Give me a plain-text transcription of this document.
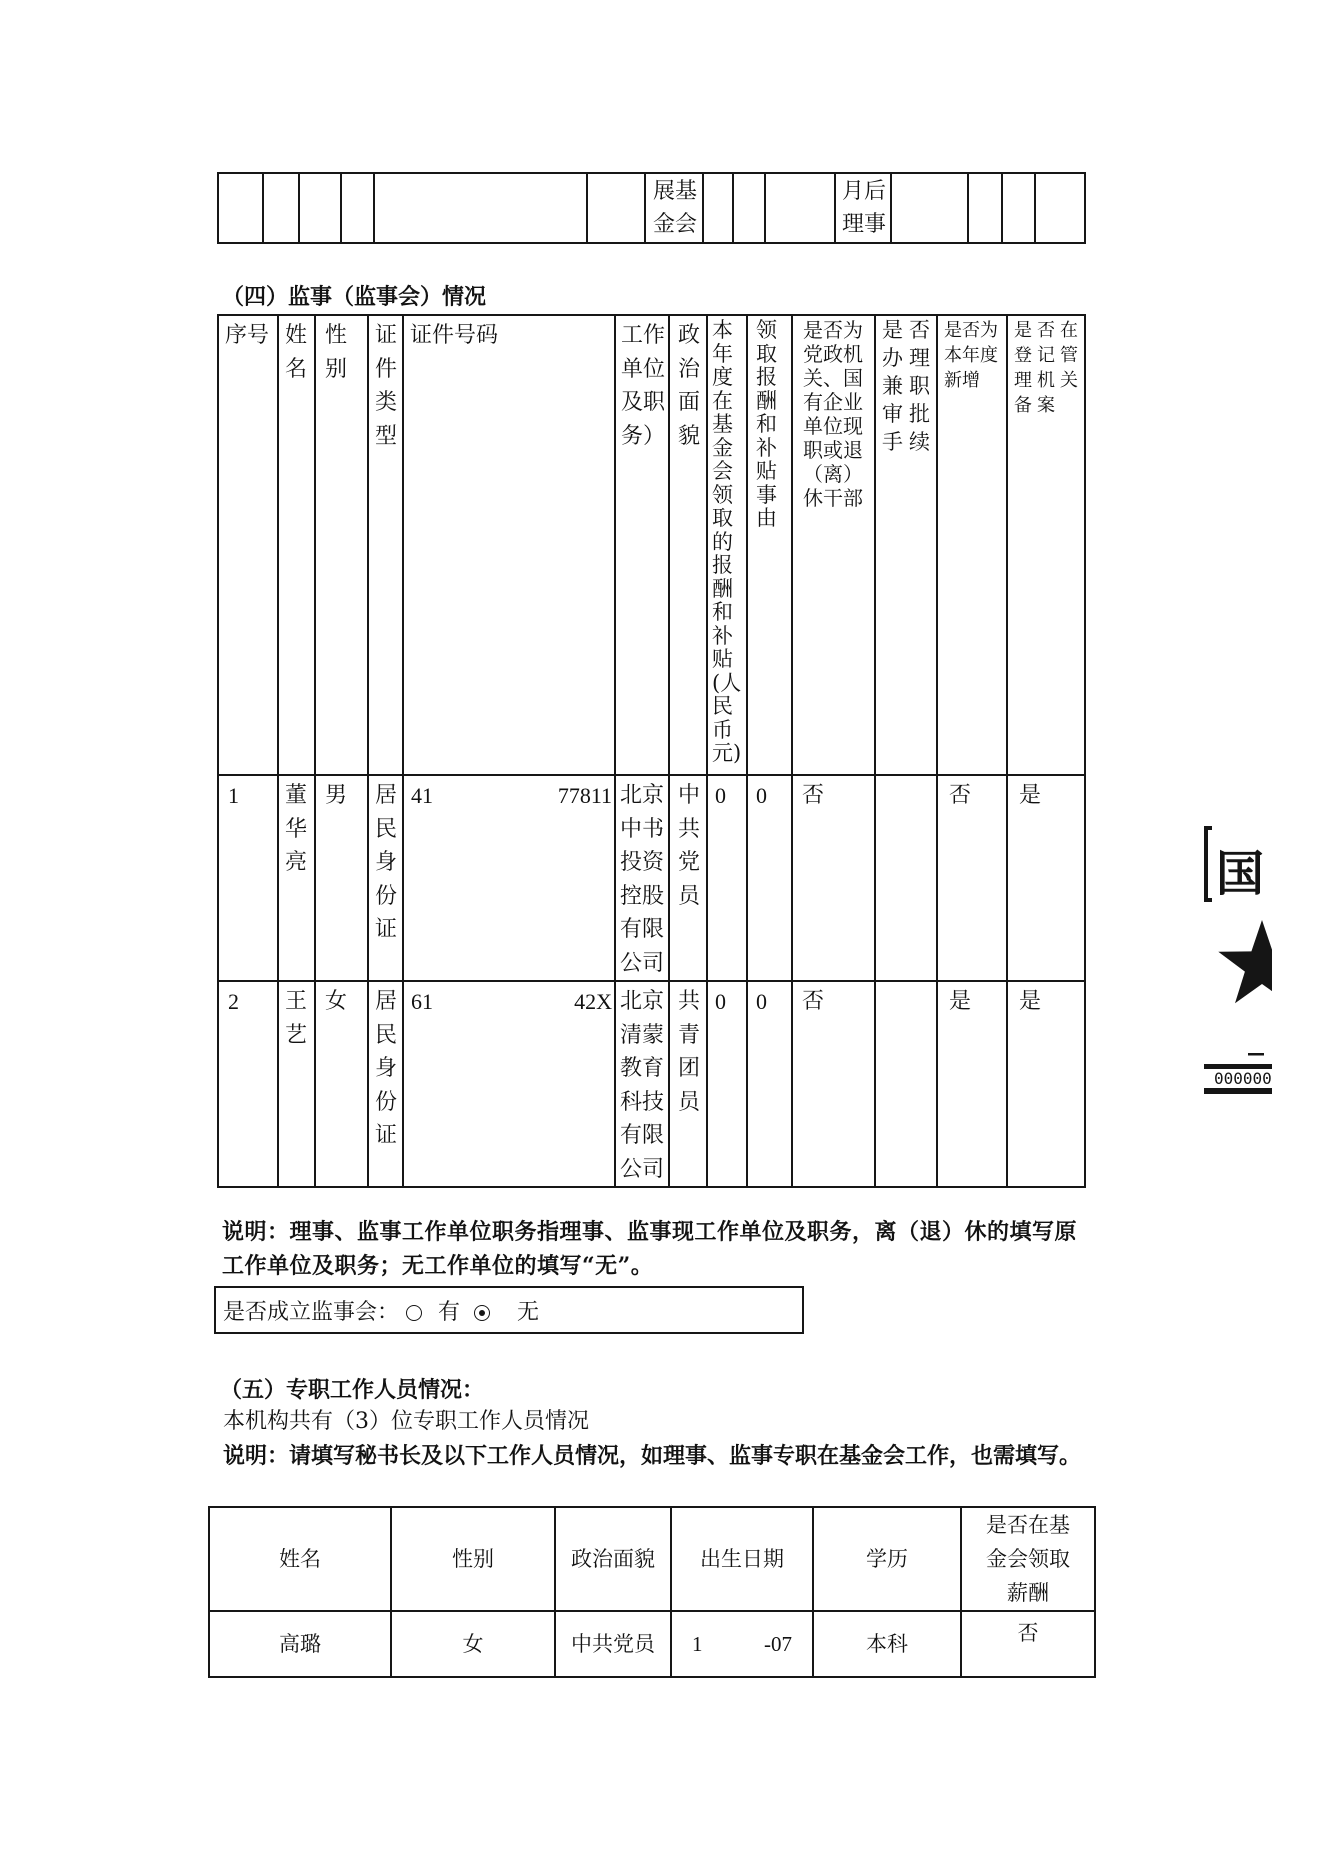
						展基金会				月后理事				
（四）监事（监事会）情况
序号	姓名	性别	证件类型	证件号码	工作单位及职务）	政治面貌	本年度在基金会领取的报酬和补贴(人民币元)	领取报酬和补贴事由	是否为党政机关、国有企业单位现职或退（离）休干部	是否办理兼职审批手续	是否为本年度新增	是否在登记管理机关备案
1	董华亮	男	居民身份证	41 77811	北京中书投资控股有限公司	中共党员	0	0	否		否	是
2	王艺	女	居民身份证	61 42X	北京清蒙教育科技有限公司	共青团员	0	0	否		是	是
说明：理事、监事工作单位职务指理事、监事现工作单位及职务，离（退）休的填写原
工作单位及职务；无工作单位的填写“无”。
是否成立监事会： 有	无
（五）专职工作人员情况：
本机构共有（3）位专职工作人员情况
说明：请填写秘书长及以下工作人员情况，如理事、监事专职在基金会工作，也需填写。
姓名	性别	政治面貌	出生日期	学历	是否在基金会领取薪酬
高璐	女	中共党员	1 -07	本科	否
国
000000
